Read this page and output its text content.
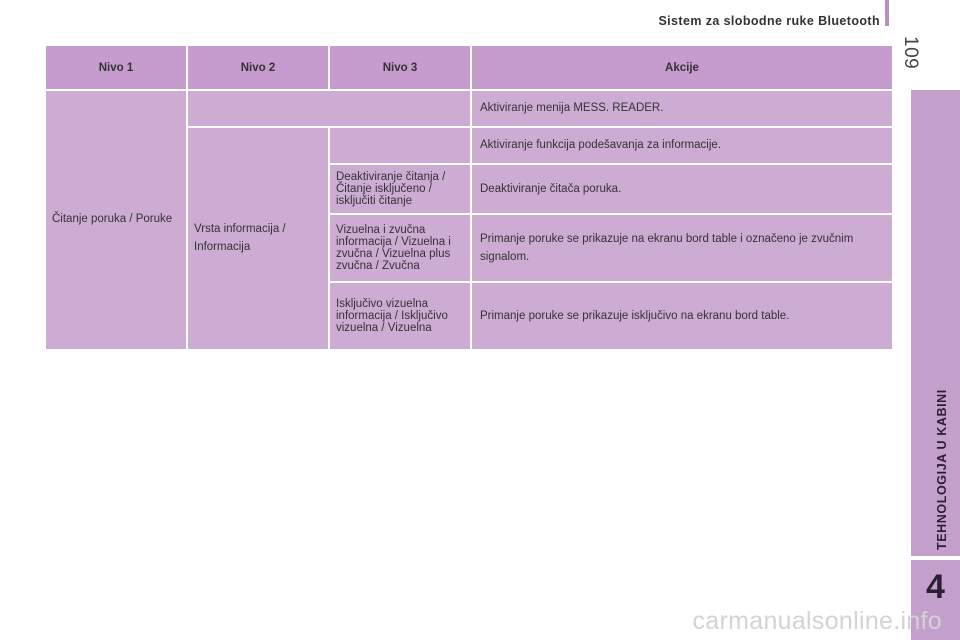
Sistem za slobodne ruke Bluetooth
109
TEHNOLOGIJA U KABINI
4
Nivo 1	Nivo 2	Nivo 3	Akcije
Čitanje poruka / Poruke			Aktiviranje menija MESS. READER.
	Vrsta informacija / Informacija		Aktiviranje funkcija podešavanja za informacije.
		Deaktiviranje čitanja / Čitanje isključeno / isključiti čitanje	Deaktiviranje čitača poruka.
		Vizuelna i zvučna informacija / Vizuelna i zvučna / Vizuelna plus zvučna / Zvučna	Primanje poruke se prikazuje na ekranu bord table i označeno je zvučnim signalom.
		Isključivo vizuelna informacija / Isključivo vizuelna / Vizuelna	Primanje poruke se prikazuje isključivo na ekranu bord table.
carmanualsonline.info
